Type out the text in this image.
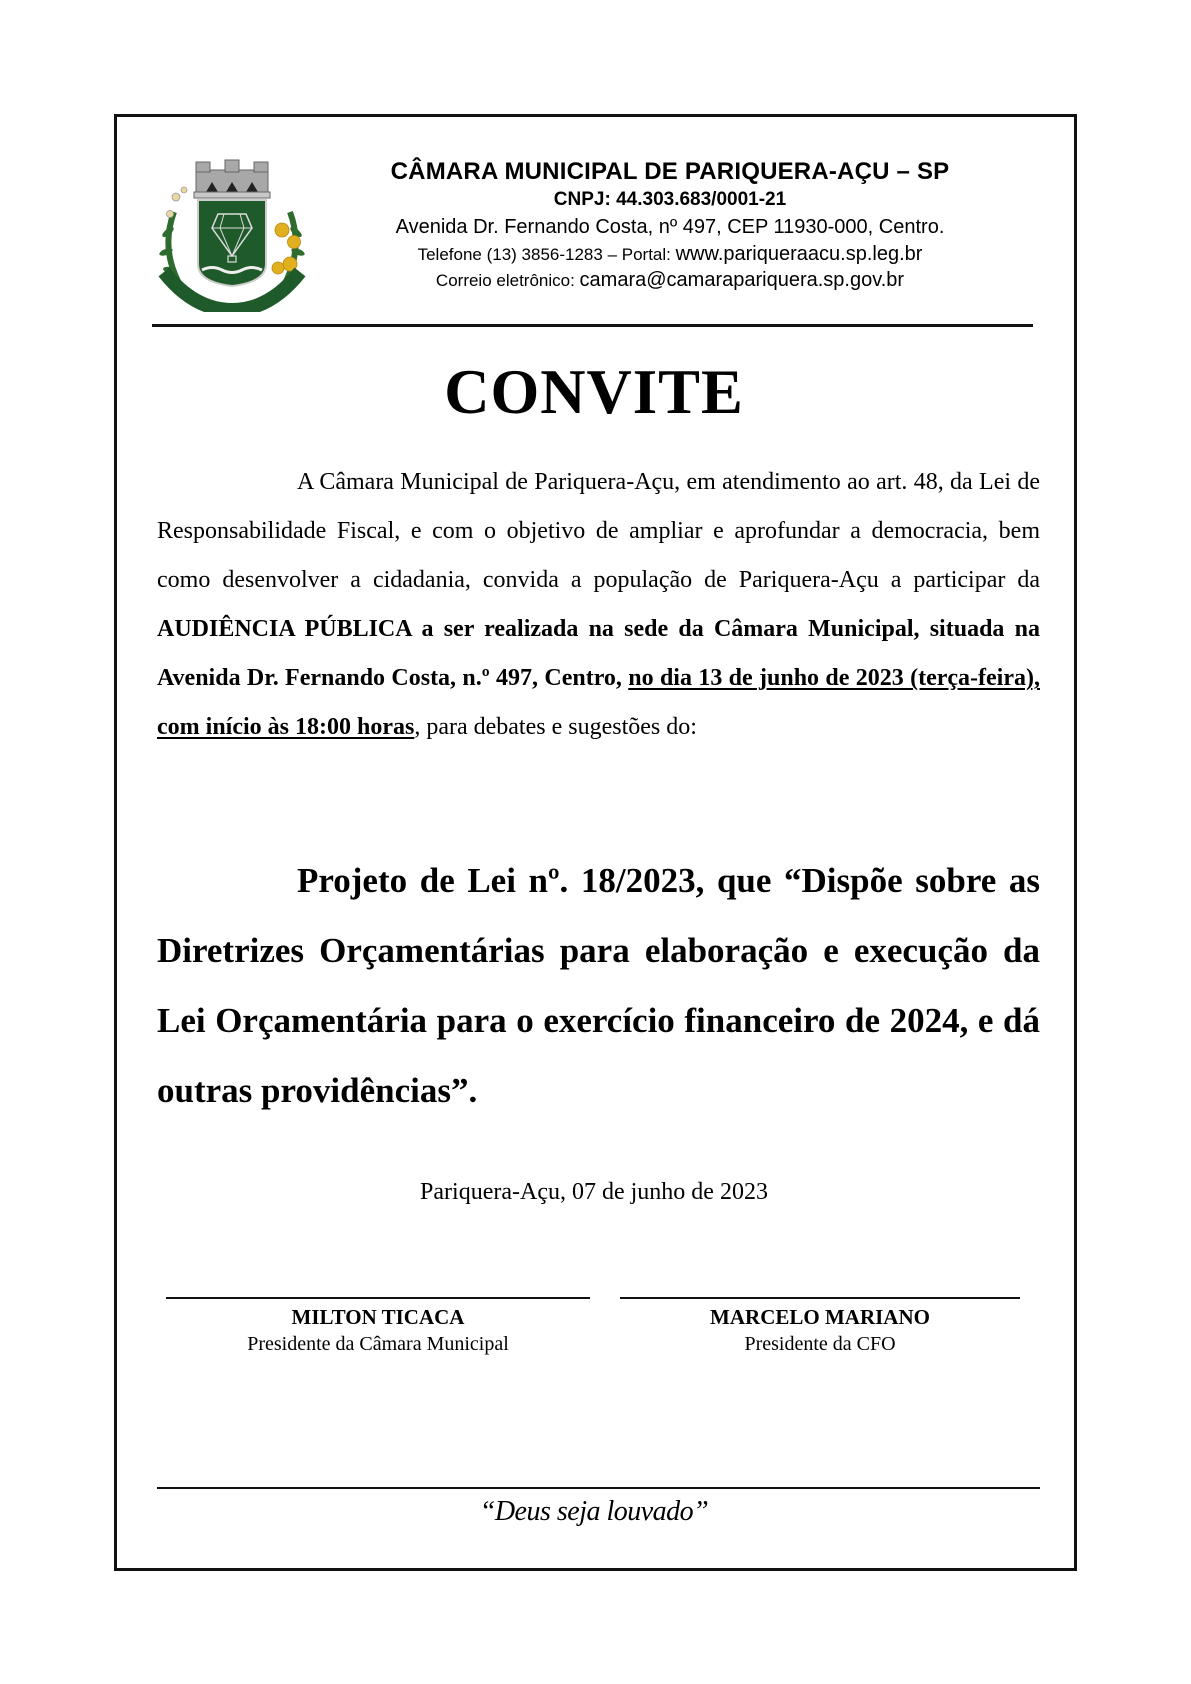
CÂMARA MUNICIPAL DE PARIQUERA-AÇU – SP
CNPJ: 44.303.683/0001-21
Avenida Dr. Fernando Costa, nº 497, CEP 11930-000, Centro.
Telefone (13) 3856-1283 – Portal: www.pariqueraacu.sp.leg.br
Correio eletrônico: camara@camarapariquera.sp.gov.br
CONVITE
A Câmara Municipal de Pariquera-Açu, em atendimento ao art. 48, da Lei de Responsabilidade Fiscal, e com o objetivo de ampliar e aprofundar a democracia, bem como desenvolver a cidadania, convida a população de Pariquera-Açu a participar da AUDIÊNCIA PÚBLICA a ser realizada na sede da Câmara Municipal, situada na Avenida Dr. Fernando Costa, n.º 497, Centro, no dia 13 de junho de 2023 (terça-feira), com início às 18:00 horas, para debates e sugestões do:
Projeto de Lei nº. 18/2023, que “Dispõe sobre as Diretrizes Orçamentárias para elaboração e execução da Lei Orçamentária para o exercício financeiro de 2024, e dá outras providências”.
Pariquera-Açu, 07 de junho de 2023
MILTON TICACA
Presidente da Câmara Municipal
MARCELO MARIANO
Presidente da CFO
“Deus seja louvado”
